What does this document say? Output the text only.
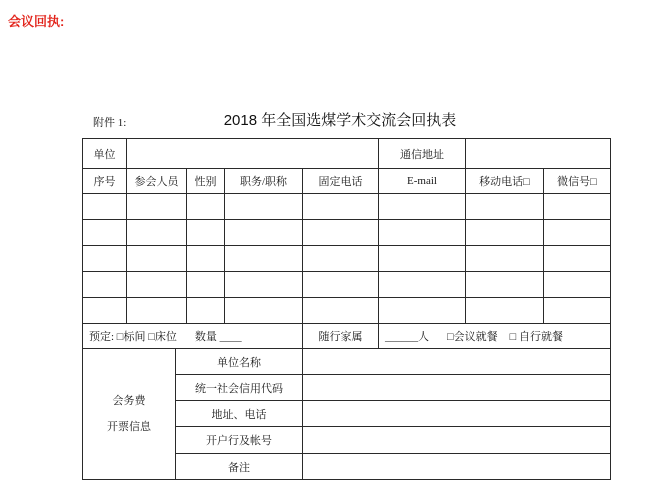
会议回执:
附件 1:	2018 年全国选煤学术交流会回执表
单位					通信地址		
序号	参会人员	性别	职务/职称	固定电话	E-mail	移动电话□	微信号□

预定: □标间 □床位 数量 ____				随行家属	______人 □会议就餐 □ 自行就餐		
会务费
开票信息	单位名称	
	统一社会信用代码	
	地址、电话	
	开户行及帐号	
	备注	
